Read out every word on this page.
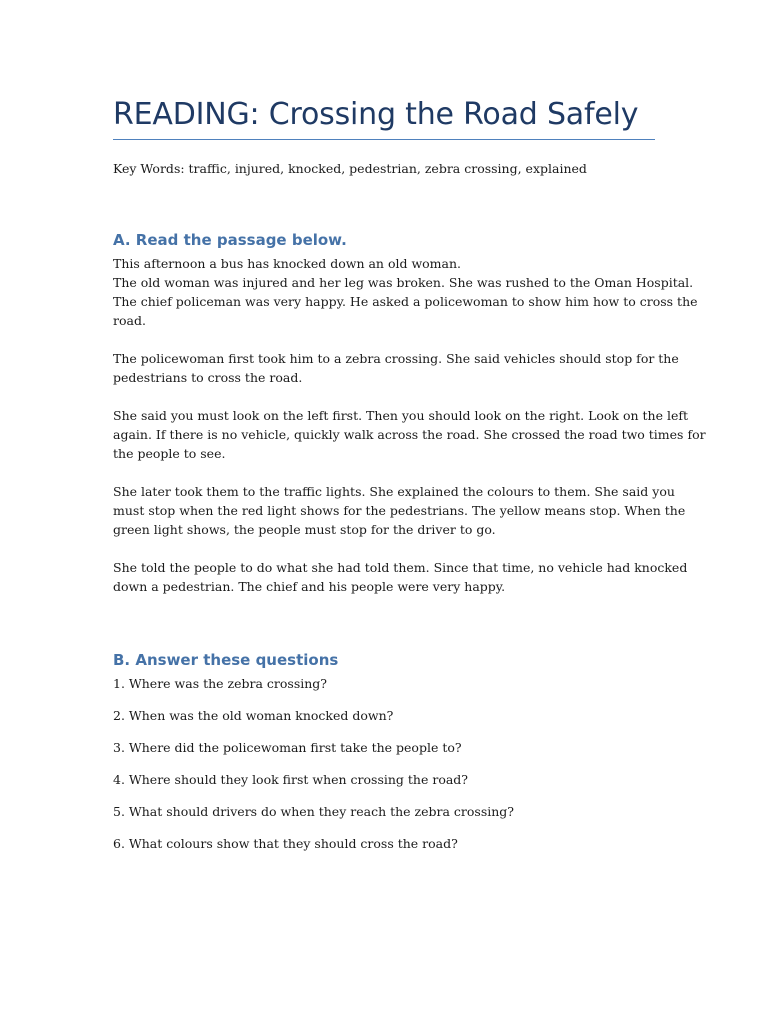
READING: Crossing the Road Safely
Key Words: traffic, injured, knocked, pedestrian, zebra crossing, explained
A. Read the passage below.

This afternoon a bus has knocked down an old woman.
The old woman was injured and her leg was broken. She was rushed to the Oman Hospital.
The chief policeman was very happy. He asked a policewoman to show him how to cross the
road.

The policewoman first took him to a zebra crossing. She said vehicles should stop for the
pedestrians to cross the road.

She said you must look on the left first. Then you should look on the right. Look on the left
again. If there is no vehicle, quickly walk across the road. She crossed the road two times for
the people to see.

She later took them to the traffic lights. She explained the colours to them. She said you
must stop when the red light shows for the pedestrians. The yellow means stop. When the
green light shows, the people must stop for the driver to go.

She told the people to do what she had told them. Since that time, no vehicle had knocked
down a pedestrian. The chief and his people were very happy.

B. Answer these questions
1. Where was the zebra crossing?
2. When was the old woman knocked down?
3. Where did the policewoman first take the people to?
4. Where should they look first when crossing the road?
5. What should drivers do when they reach the zebra crossing?
6. What colours show that they should cross the road?
